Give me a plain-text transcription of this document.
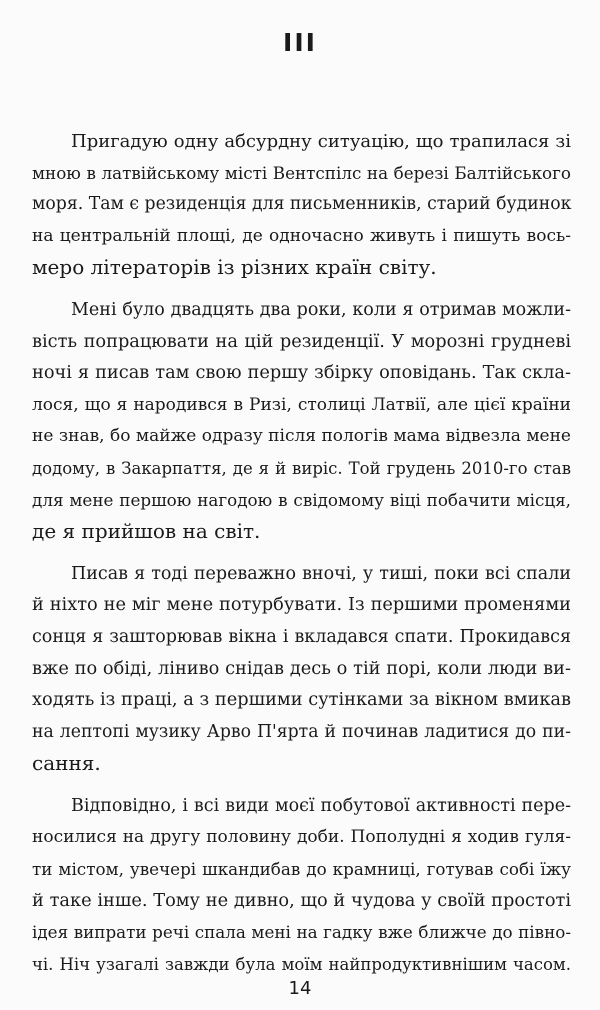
III

Пригадую одну абсурдну ситуацію, що трапилася зі
мною в латвійському місті Вентспілс на березі Балтійського
моря. Там є резиденція для письменників, старий будинок
на центральній площі, де одночасно живуть і пишуть вось-
меро літераторів із різних країн світу.

Мені було двадцять два роки, коли я отримав можли-
вість попрацювати на цій резиденції. У морозні грудневі
ночі я писав там свою першу збірку оповідань. Так скла-
лося, що я народився в Ризі, столиці Латвії, але цієї країни
не знав, бо майже одразу після пологів мама відвезла мене
додому, в Закарпаття, де я й виріс. Той грудень 2010-го став
для мене першою нагодою в свідомому віці побачити місця,
де я прийшов на світ.

Писав я тоді переважно вночі, у тиші, поки всі спали
й ніхто не міг мене потурбувати. Із першими променями
сонця я зашторював вікна і вкладався спати. Прокидався
вже по обіді, ліниво снідав десь о тій порі, коли люди ви-
ходять із праці, а з першими сутінками за вікном вмикав
на лептопі музику Арво П'ярта й починав ладитися до пи-
сання.

Відповідно, і всі види моєї побутової активності пере-
носилися на другу половину доби. Пополудні я ходив гуля-
ти містом, увечері шкандибав до крамниці, готував собі їжу
й таке інше. Тому не дивно, що й чудова у своїй простоті
ідея випрати речі спала мені на гадку вже ближче до півно-
чі. Ніч узагалі завжди була моїм найпродуктивнішим часом.

14
